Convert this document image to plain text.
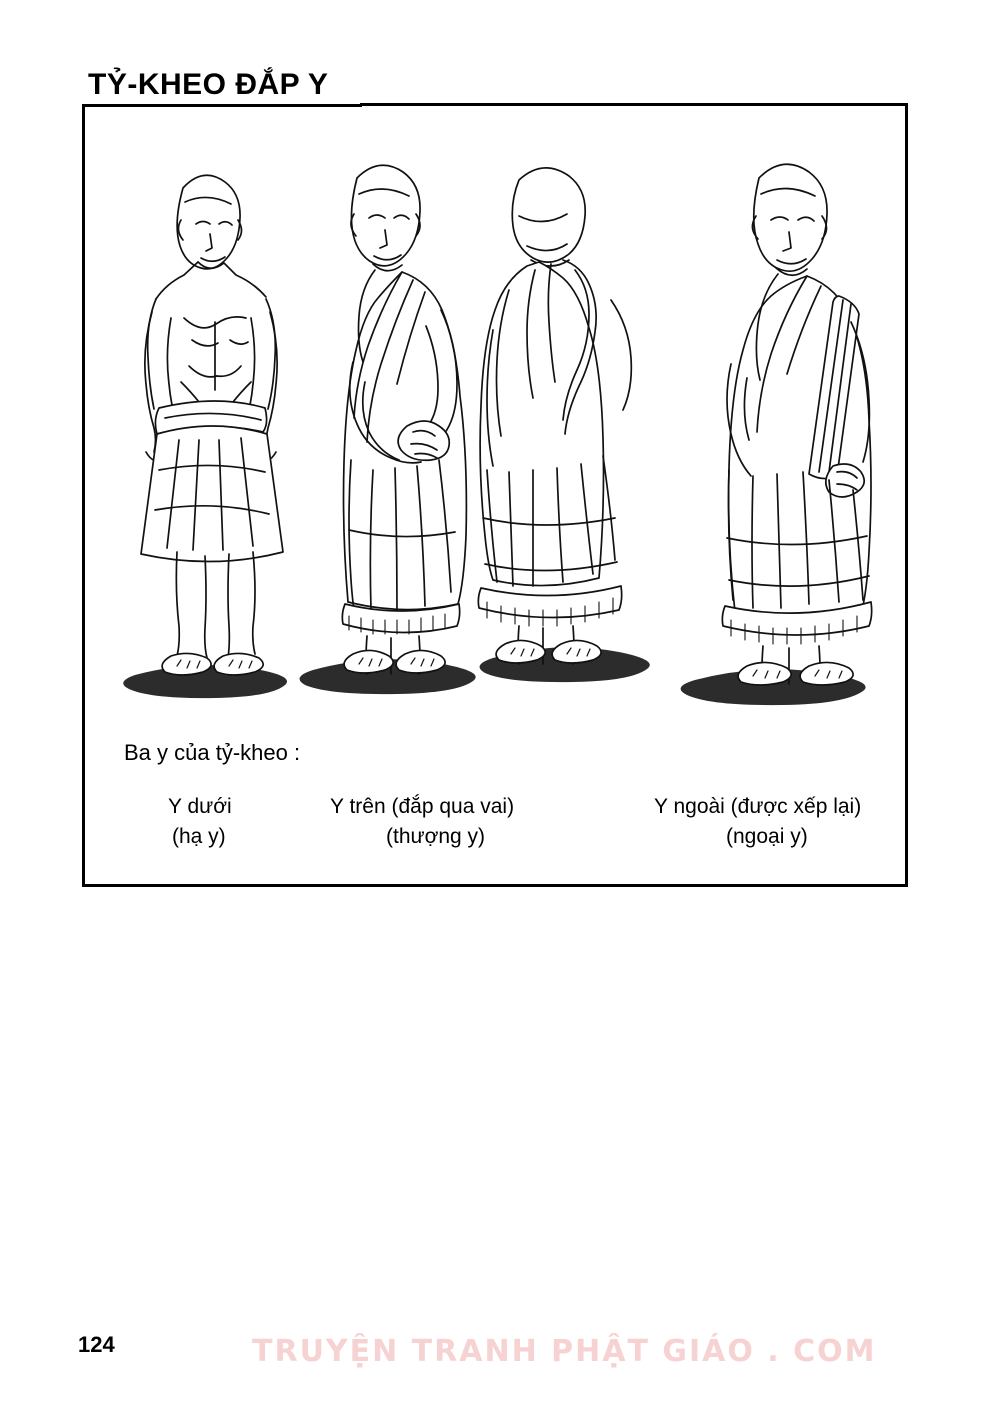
TỶ-KHEO ĐẮP Y
Ba y của tỷ-kheo :
Y dưới
(hạ y)
Y trên (đắp qua vai)
(thượng y)
Y ngoài (được xếp lại)
(ngoại y)
124	TRUYỆN TRANH PHẬT GIÁO . COM
